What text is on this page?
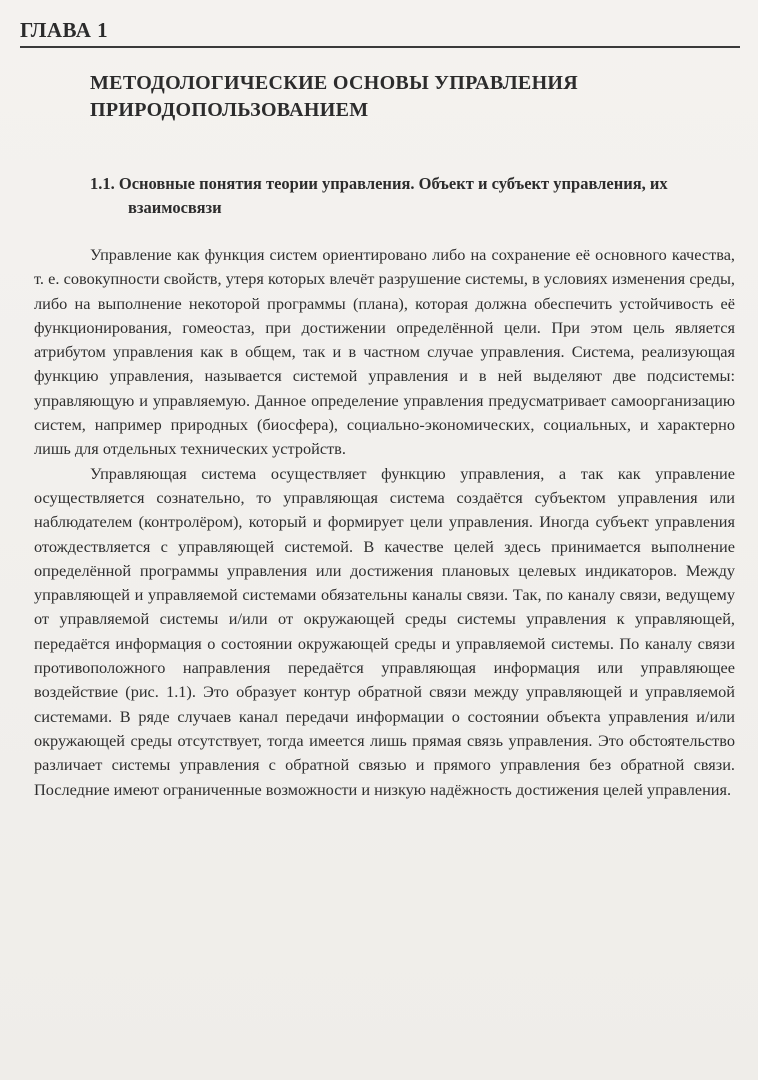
ГЛАВА 1
МЕТОДОЛОГИЧЕСКИЕ ОСНОВЫ УПРАВЛЕНИЯ ПРИРОДОПОЛЬЗОВАНИЕМ
1.1. Основные понятия теории управления. Объект и субъект управления, их взаимосвязи

Управление как функция систем ориентировано либо на сохранение её основного качества, т. е. совокупности свойств, утеря которых влечёт разрушение системы, в условиях изменения среды, либо на выполнение некоторой программы (плана), которая должна обеспечить устойчивость её функционирования, гомеостаз, при достижении определённой цели. При этом цель является атрибутом управления как в общем, так и в частном случае управления. Система, реализующая функцию управления, называется системой управления и в ней выделяют две подсистемы: управляющую и управляемую. Данное определение управления предусматривает самоорганизацию систем, например природных (биосфера), социально-экономических, социальных, и характерно лишь для отдельных технических устройств.

Управляющая система осуществляет функцию управления, а так как управление осуществляется сознательно, то управляющая система создаётся субъектом управления или наблюдателем (контролёром), который и формирует цели управления. Иногда субъект управления отождествляется с управляющей системой. В качестве целей здесь принимается выполнение определённой программы управления или достижения плановых целевых индикаторов. Между управляющей и управляемой системами обязательны каналы связи. Так, по каналу связи, ведущему от управляемой системы и/или от окружающей среды системы управления к управляющей, передаётся информация о состоянии окружающей среды и управляемой системы. По каналу связи противоположного направления передаётся управляющая информация или управляющее воздействие (рис. 1.1). Это образует контур обратной связи между управляющей и управляемой системами. В ряде случаев канал передачи информации о состоянии объекта управления и/или окружающей среды отсутствует, тогда имеется лишь прямая связь управления. Это обстоятельство различает системы управления с обратной связью и прямого управления без обратной связи. Последние имеют ограниченные возможности и низкую надёжность достижения целей управления.
